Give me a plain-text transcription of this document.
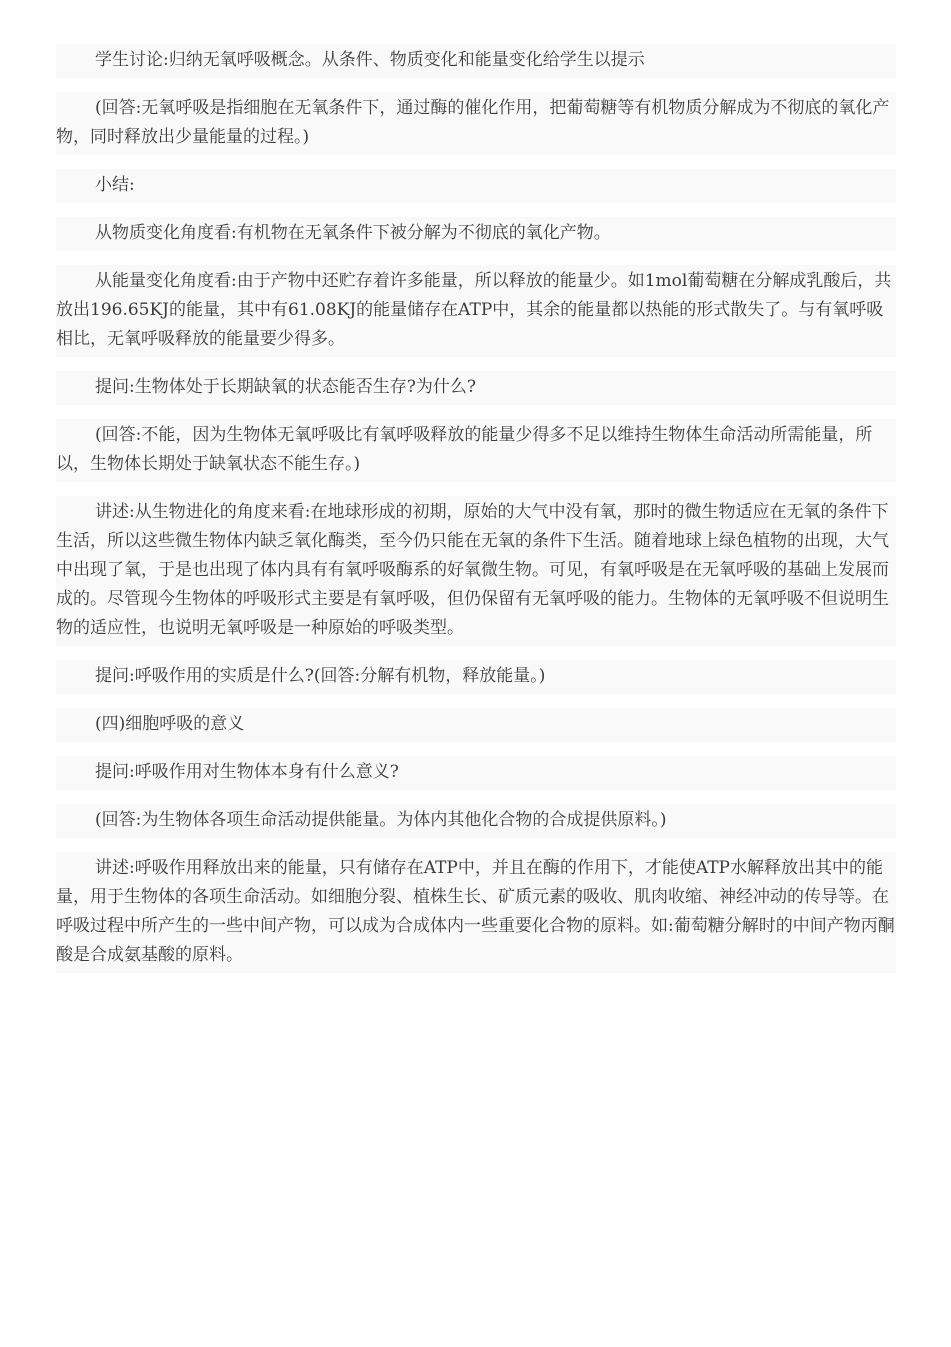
学生讨论:归纳无氧呼吸概念。从条件、物质变化和能量变化给学生以提示

(回答:无氧呼吸是指细胞在无氧条件下，通过酶的催化作用，把葡萄糖等有机物质分解成为不彻底的氧化产物，同时释放出少量能量的过程。)

小结:

从物质变化角度看:有机物在无氧条件下被分解为不彻底的氧化产物。

从能量变化角度看:由于产物中还贮存着许多能量，所以释放的能量少。如1mol葡萄糖在分解成乳酸后，共放出196.65KJ的能量，其中有61.08KJ的能量储存在ATP中，其余的能量都以热能的形式散失了。与有氧呼吸相比，无氧呼吸释放的能量要少得多。

提问:生物体处于长期缺氧的状态能否生存?为什么?

(回答:不能，因为生物体无氧呼吸比有氧呼吸释放的能量少得多不足以维持生物体生命活动所需能量，所以，生物体长期处于缺氧状态不能生存。)

讲述:从生物进化的角度来看:在地球形成的初期，原始的大气中没有氧，那时的微生物适应在无氧的条件下生活，所以这些微生物体内缺乏氧化酶类，至今仍只能在无氧的条件下生活。随着地球上绿色植物的出现，大气中出现了氧，于是也出现了体内具有有氧呼吸酶系的好氧微生物。可见，有氧呼吸是在无氧呼吸的基础上发展而成的。尽管现今生物体的呼吸形式主要是有氧呼吸，但仍保留有无氧呼吸的能力。生物体的无氧呼吸不但说明生物的适应性，也说明无氧呼吸是一种原始的呼吸类型。

提问:呼吸作用的实质是什么?(回答:分解有机物，释放能量。)

(四)细胞呼吸的意义

提问:呼吸作用对生物体本身有什么意义?

(回答:为生物体各项生命活动提供能量。为体内其他化合物的合成提供原料。)

讲述:呼吸作用释放出来的能量，只有储存在ATP中，并且在酶的作用下，才能使ATP水解释放出其中的能量，用于生物体的各项生命活动。如细胞分裂、植株生长、矿质元素的吸收、肌肉收缩、神经冲动的传导等。在呼吸过程中所产生的一些中间产物，可以成为合成体内一些重要化合物的原料。如:葡萄糖分解时的中间产物丙酮酸是合成氨基酸的原料。
